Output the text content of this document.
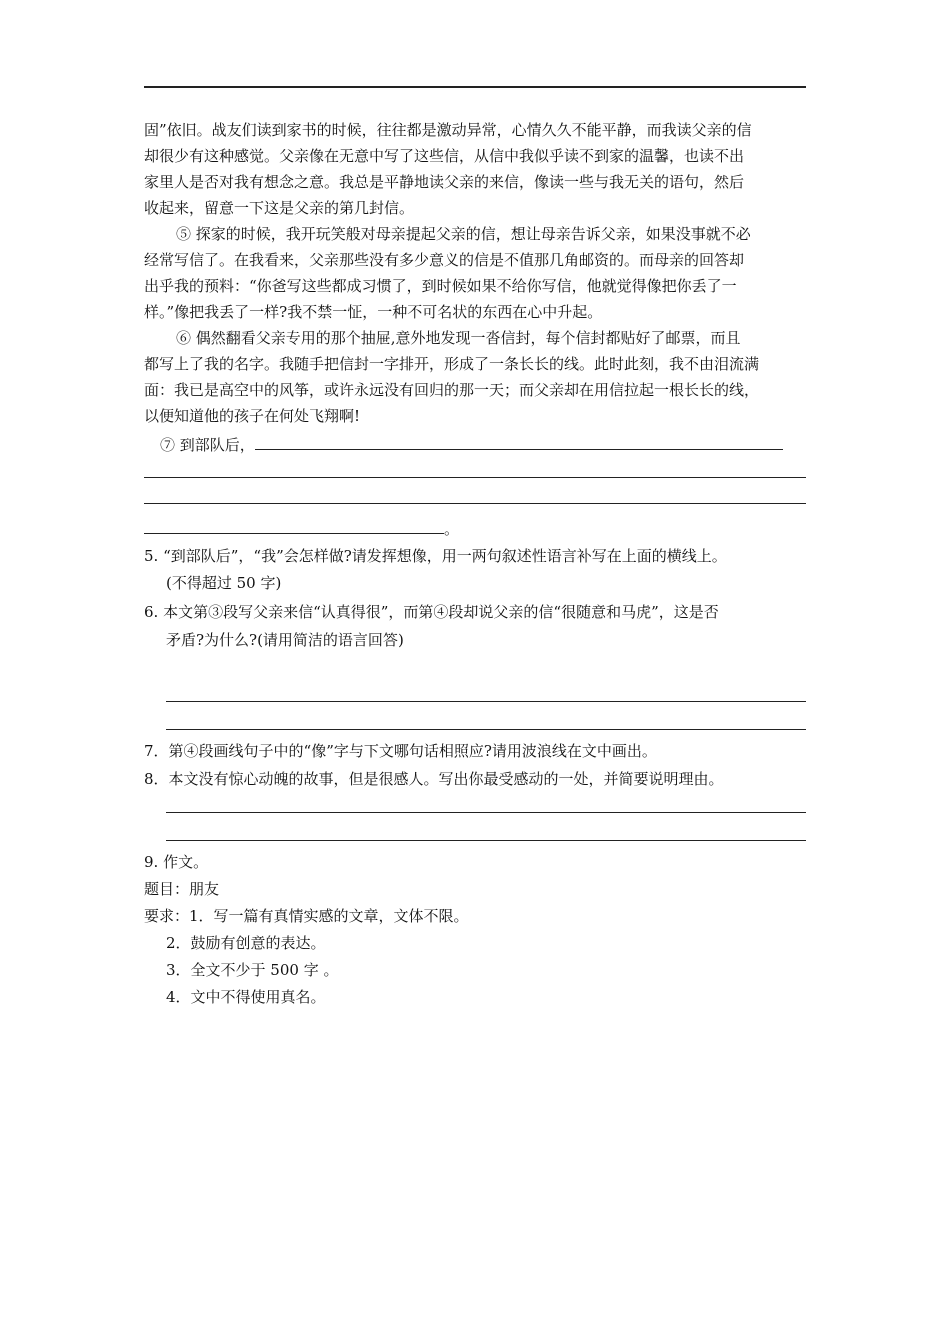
固”依旧。战友们读到家书的时候，往往都是激动异常，心情久久不能平静，而我读父亲的信
却很少有这种感觉。父亲像在无意中写了这些信，从信中我似乎读不到家的温馨，也读不出
家里人是否对我有想念之意。我总是平静地读父亲的来信，像读一些与我无关的语句，然后
收起来，留意一下这是父亲的第几封信。
⑤ 探家的时候，我开玩笑般对母亲提起父亲的信，想让母亲告诉父亲，如果没事就不必
经常写信了。在我看来，父亲那些没有多少意义的信是不值那几角邮资的。而母亲的回答却
出乎我的预料：“你爸写这些都成习惯了，到时候如果不给你写信，他就觉得像把你丢了一
样。”像把我丢了一样?我不禁一怔，一种不可名状的东西在心中升起。
⑥ 偶然翻看父亲专用的那个抽屉,意外地发现一沓信封，每个信封都贴好了邮票，而且
都写上了我的名字。我随手把信封一字排开，形成了一条长长的线。此时此刻，我不由泪流满
面：我已是高空中的风筝，或许永远没有回归的那一天；而父亲却在用信拉起一根长长的线，
以便知道他的孩子在何处飞翔啊!
⑦ 到部队后，
。
5. “到部队后”，“我”会怎样做?请发挥想像，用一两句叙述性语言补写在上面的横线上。
(不得超过 50 字)
6. 本文第③段写父亲来信“认真得很”，而第④段却说父亲的信“很随意和马虎”，这是否
矛盾?为什么?(请用简洁的语言回答)
7．第④段画线句子中的“像”字与下文哪句话相照应?请用波浪线在文中画出。
8．本文没有惊心动魄的故事，但是很感人。写出你最受感动的一处，并简要说明理由。
9. 作文。
题目：朋友
要求：1．写一篇有真情实感的文章，文体不限。
2．鼓励有创意的表达。
3．全文不少于 500 字 。
4．文中不得使用真名。
